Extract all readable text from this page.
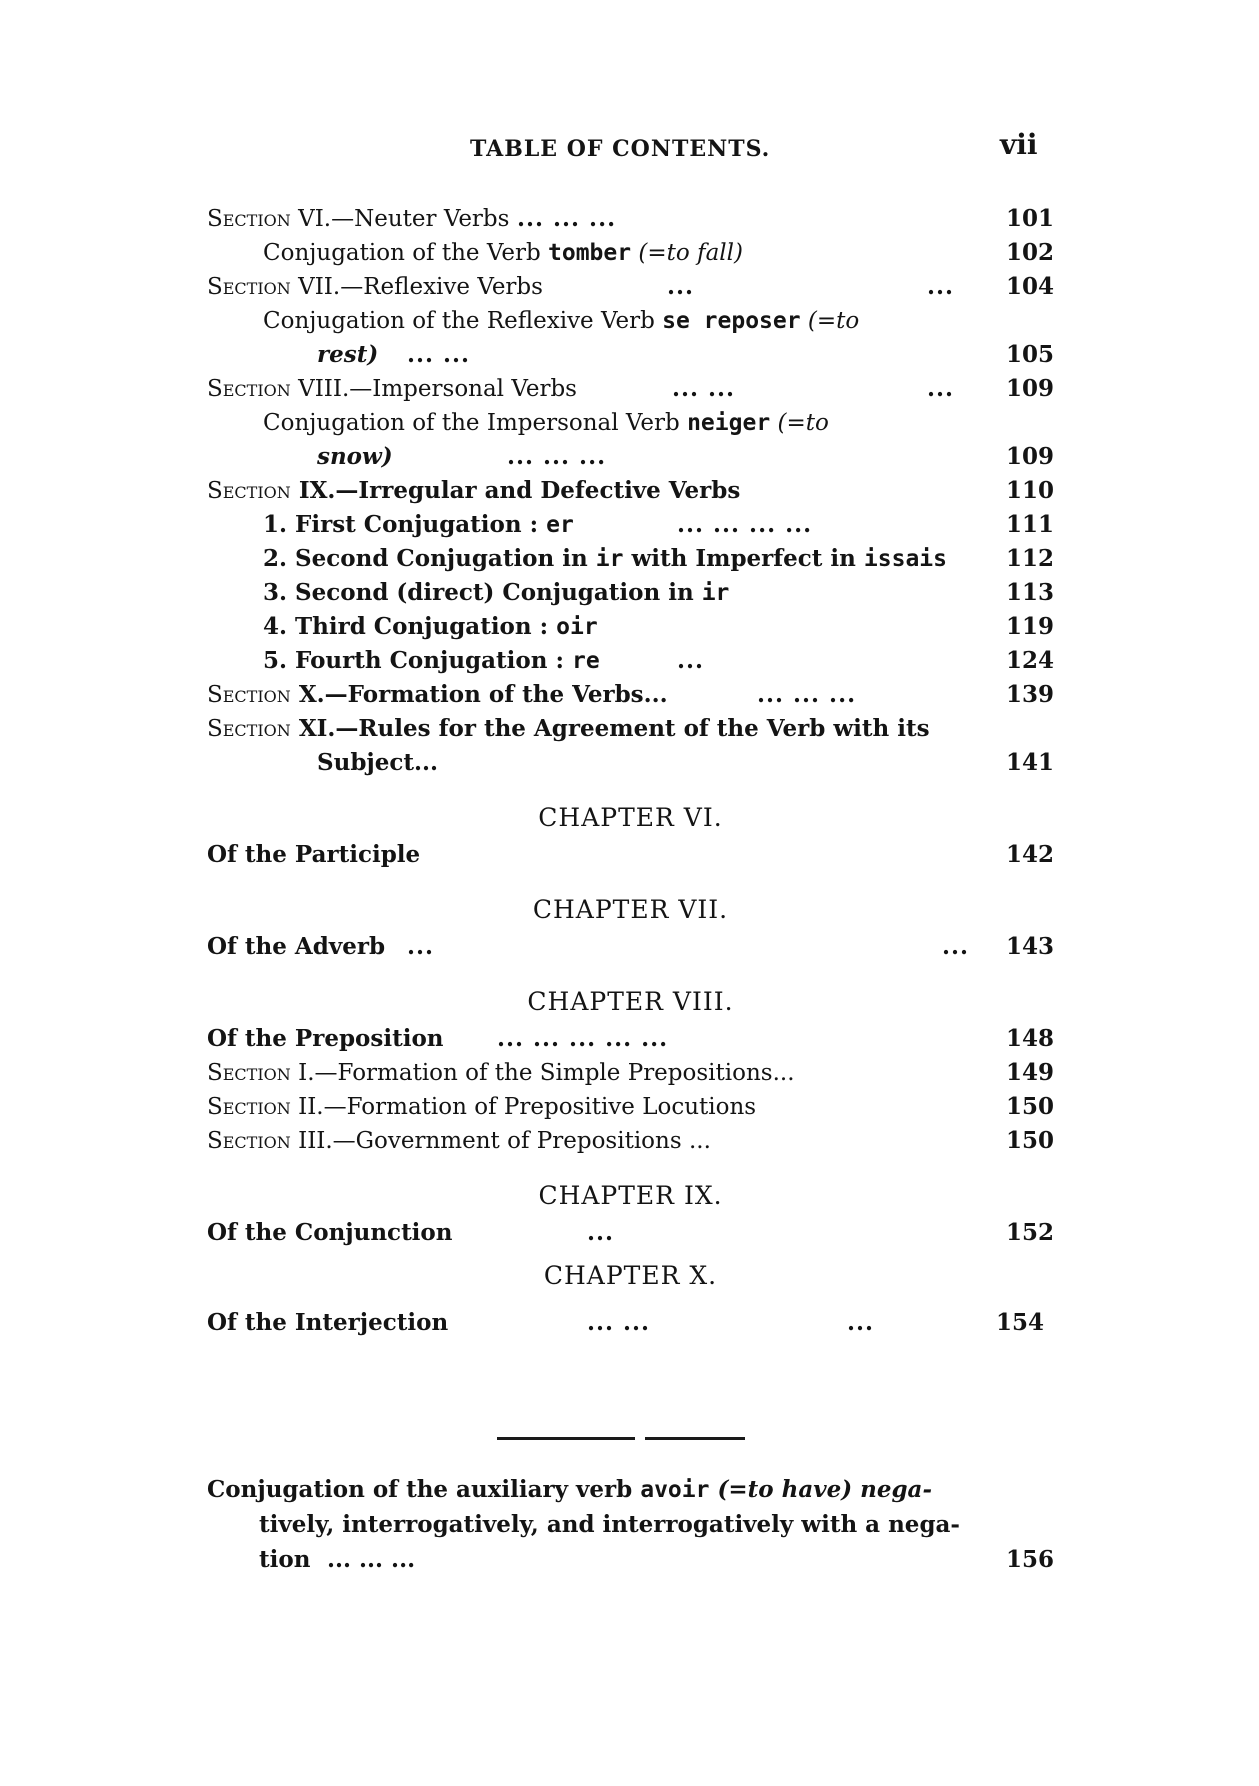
TABLE OF CONTENTS.	vii
Section VI.—Neuter Verbs ... ... ...	101
Conjugation of the Verb tomber (=to fall)	102
Section VII.—Reflexive Verbs	...	... 104
Conjugation of the Reflexive Verb se reposer (=to
rest) ... ...	105
Section VIII.—Impersonal Verbs	... ...	... 109
Conjugation of the Impersonal Verb neiger (=to
snow)	... ... ...	109
Section IX.—Irregular and Defective Verbs	110
1. First Conjugation : er	... ... ... ...	111
2. Second Conjugation in ir with Imperfect in issais	112
3. Second (direct) Conjugation in ir	113
4. Third Conjugation : oir	119
5. Fourth Conjugation : re	...	124
Section X.—Formation of the Verbs...	... ... ...	139
Section XI.—Rules for the Agreement of the Verb with its
Subject...	141
CHAPTER VI.
Of the Participle	142
CHAPTER VII.
Of the Adverb ...	... 143
CHAPTER VIII.
Of the Preposition ... ... ... ... ...	148
Section I.—Formation of the Simple Prepositions...	149
Section II.—Formation of Prepositive Locutions	150
Section III.—Government of Prepositions ...	150
CHAPTER IX.
Of the Conjunction	...	152
CHAPTER X.
Of the Interjection	... ...	...	154
Conjugation of the auxiliary verb avoir (=to have) nega-
tively, interrogatively, and interrogatively with a nega-
tion ... ... ...	156
